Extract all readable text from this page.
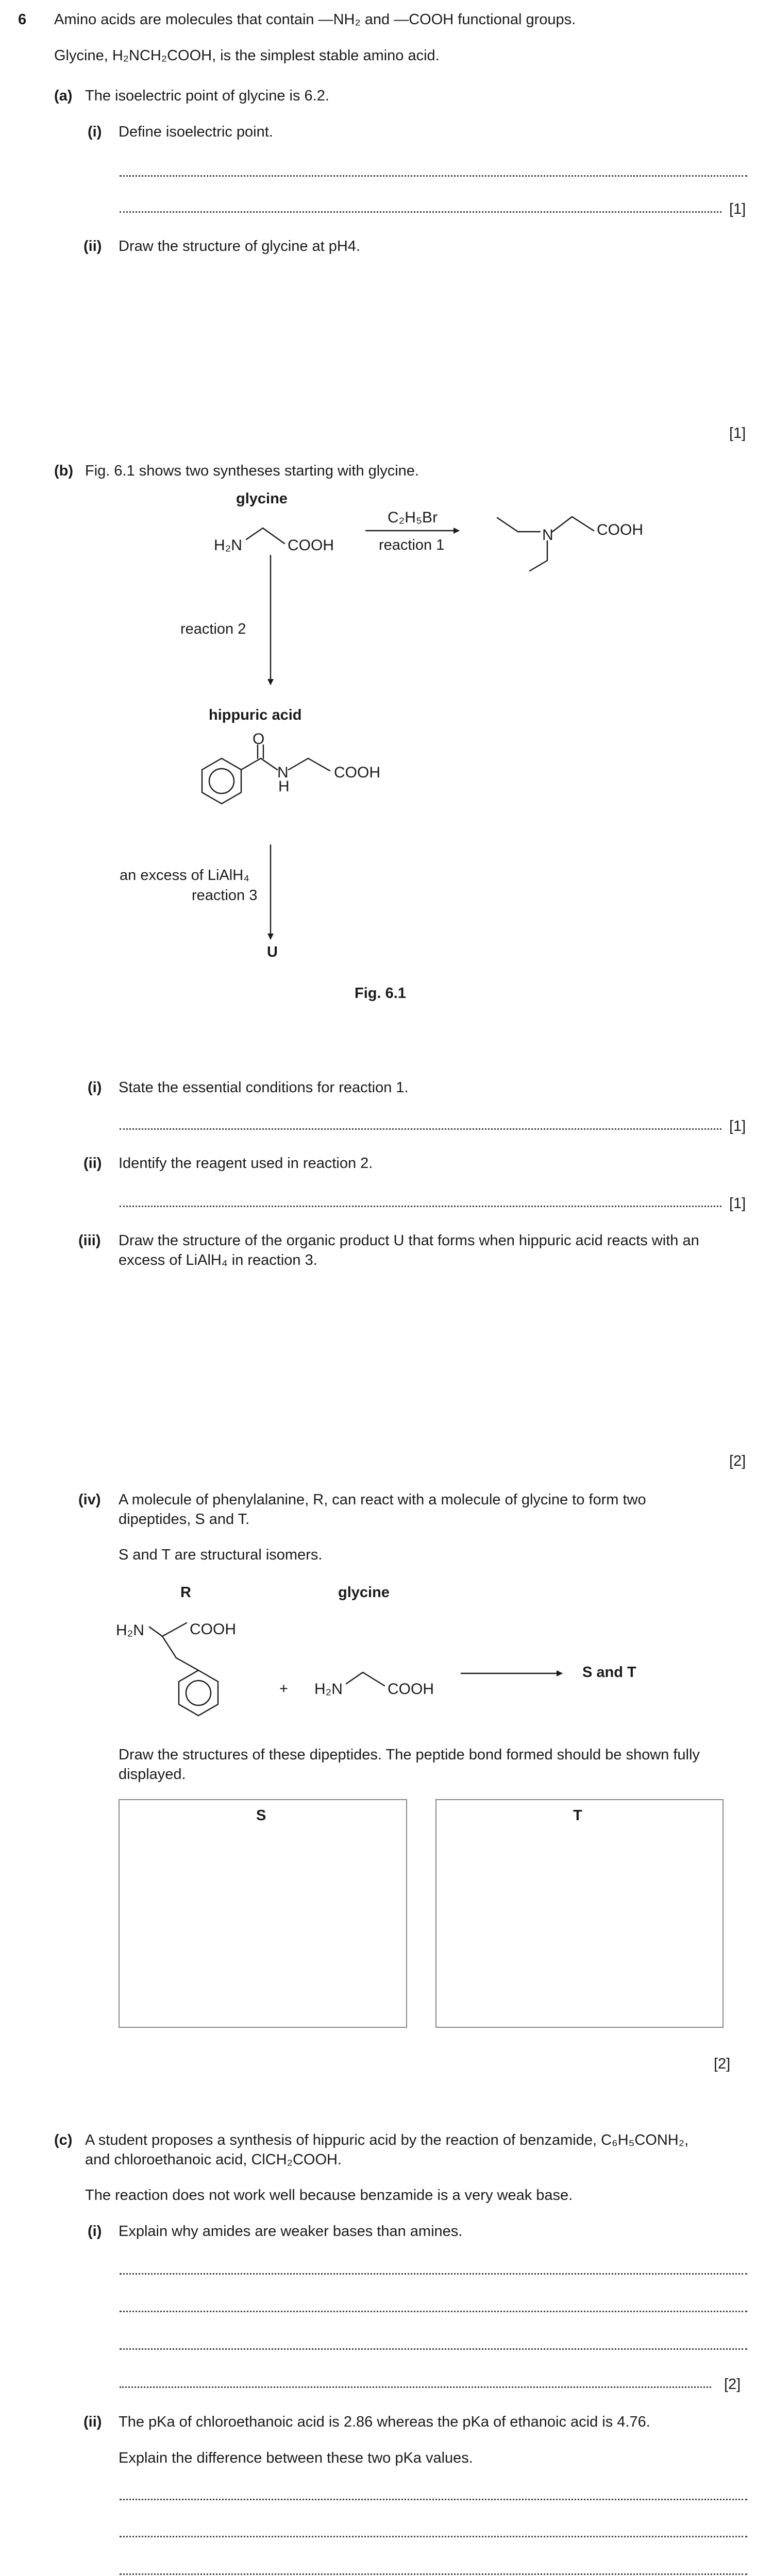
6 Amino acids are molecules that contain —NH₂ and —COOH functional groups.
Glycine, H₂NCH₂COOH, is the simplest stable amino acid.
(a) The isoelectric point of glycine is 6.2.
(i) Define isoelectric point.
[1]
(ii) Draw the structure of glycine at pH4.
[1]
(b) Fig. 6.1 shows two syntheses starting with glycine.
glycine
H₂N	COOH
C₂H₅Br
reaction 1
N	COOH
reaction 2
hippuric acid
O
N
H
COOH
an excess of LiAlH₄
reaction 3
U
Fig. 6.1
(i) State the essential conditions for reaction 1.
[1]
(ii) Identify the reagent used in reaction 2.
[1]
(iii) Draw the structure of the organic product U that forms when hippuric acid reacts with an
excess of LiAlH₄ in reaction 3.
[2]
(iv) A molecule of phenylalanine, R, can react with a molecule of glycine to form two
dipeptides, S and T.
S and T are structural isomers.
R	glycine
H₂N	COOH
+ H₂N	COOH
S and T
Draw the structures of these dipeptides. The peptide bond formed should be shown fully
displayed.
S	T
[2]
(c) A student proposes a synthesis of hippuric acid by the reaction of benzamide, C₆H₅CONH₂,
and chloroethanoic acid, ClCH₂COOH.
The reaction does not work well because benzamide is a very weak base.
(i) Explain why amides are weaker bases than amines.
[2]
(ii) The pKa of chloroethanoic acid is 2.86 whereas the pKa of ethanoic acid is 4.76.
Explain the difference between these two pKa values.
